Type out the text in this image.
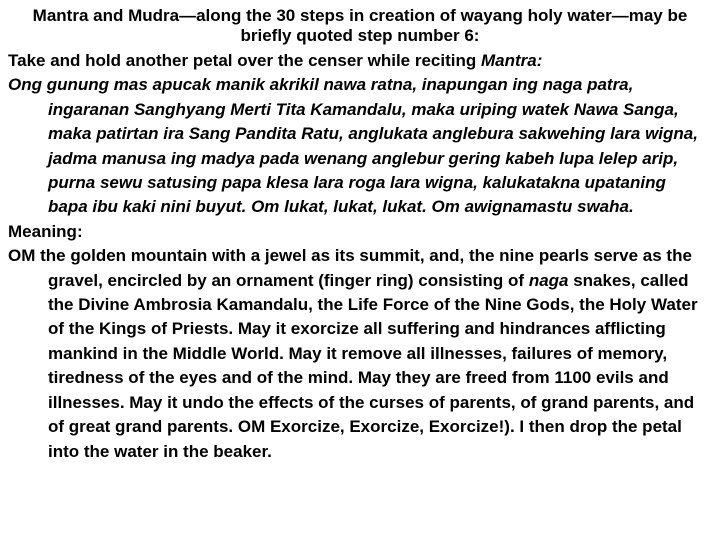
Mantra and Mudra—along the 30 steps in creation of wayang holy water—may be briefly quoted step number 6:

Take and hold another petal over the censer while reciting Mantra:

Ong gunung mas apucak manik akrikil nawa ratna, inapungan ing naga patra, ingaranan Sanghyang Merti Tita Kamandalu, maka uriping watek Nawa Sanga, maka patirtan ira Sang Pandita Ratu, anglukata anglebura sakwehing lara wigna, jadma manusa ing madya pada wenang anglebur gering kabeh lupa lelep arip, purna sewu satusing papa klesa lara roga lara wigna, kalukatakna upataning bapa ibu kaki nini buyut. Om lukat, lukat, lukat. Om awignamastu swaha.

Meaning:

OM the golden mountain with a jewel as its summit, and, the nine pearls serve as the gravel, encircled by an ornament (finger ring) consisting of naga snakes, called the Divine Ambrosia Kamandalu, the Life Force of the Nine Gods, the Holy Water of the Kings of Priests. May it exorcize all suffering and hindrances afflicting mankind in the Middle World. May it remove all illnesses, failures of memory, tiredness of the eyes and of the mind. May they are freed from 1100 evils and illnesses. May it undo the effects of the curses of parents, of grand parents, and of great grand parents. OM Exorcize, Exorcize, Exorcize!). I then drop the petal into the water in the beaker.
